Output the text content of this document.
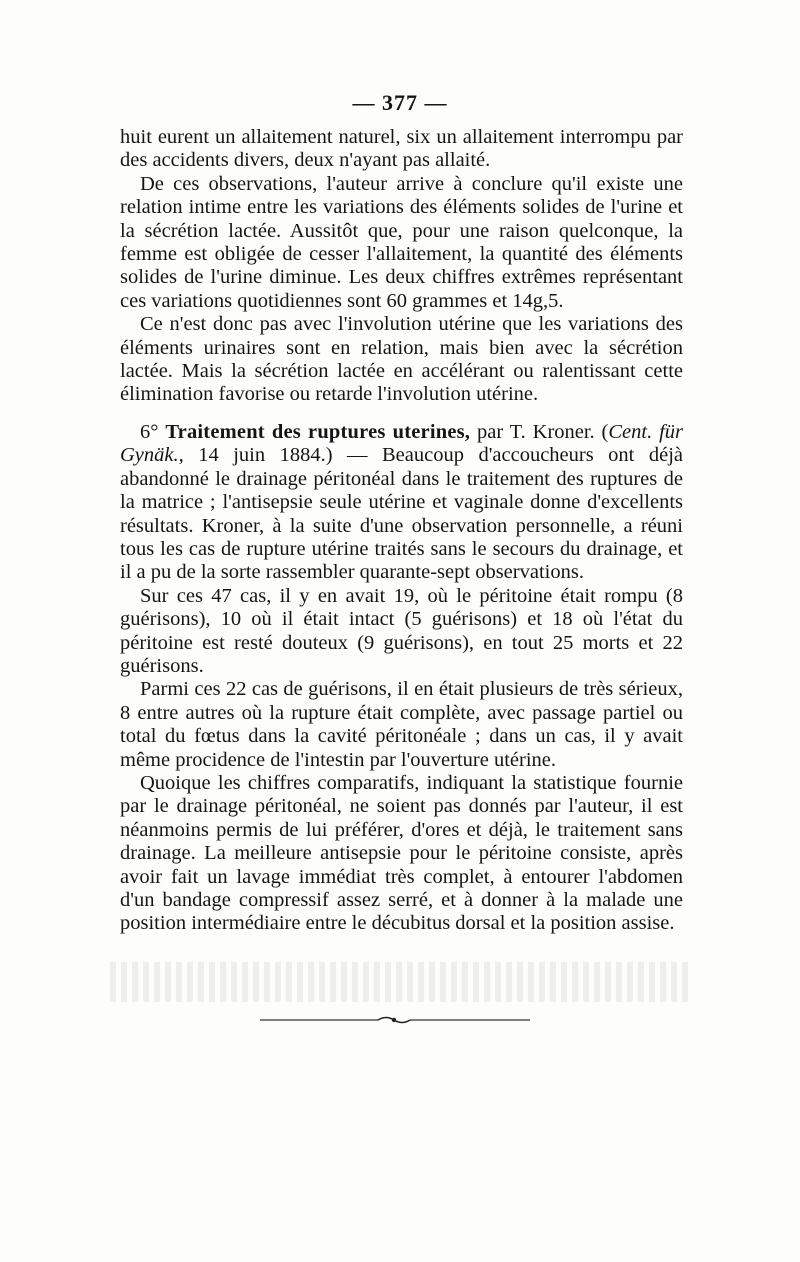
— 377 —

huit eurent un allaitement naturel, six un allaitement interrompu par des accidents divers, deux n'ayant pas allaité.

De ces observations, l'auteur arrive à conclure qu'il existe une relation intime entre les variations des éléments solides de l'urine et la sécrétion lactée. Aussitôt que, pour une raison quelconque, la femme est obligée de cesser l'allaitement, la quantité des éléments solides de l'urine diminue. Les deux chiffres extrêmes représentant ces variations quotidiennes sont 60 grammes et 14g,5.

Ce n'est donc pas avec l'involution utérine que les variations des éléments urinaires sont en relation, mais bien avec la sécrétion lactée. Mais la sécrétion lactée en accélérant ou ralentissant cette élimination favorise ou retarde l'involution utérine.

6° Traitement des ruptures uterines, par T. Kroner. (Cent. für Gynäk., 14 juin 1884.) — Beaucoup d'accoucheurs ont déjà abandonné le drainage péritonéal dans le traitement des ruptures de la matrice ; l'antisepsie seule utérine et vaginale donne d'excellents résultats. Kroner, à la suite d'une observation personnelle, a réuni tous les cas de rupture utérine traités sans le secours du drainage, et il a pu de la sorte rassembler quarante-sept observations.

Sur ces 47 cas, il y en avait 19, où le péritoine était rompu (8 guérisons), 10 où il était intact (5 guérisons) et 18 où l'état du péritoine est resté douteux (9 guérisons), en tout 25 morts et 22 guérisons.

Parmi ces 22 cas de guérisons, il en était plusieurs de très sérieux, 8 entre autres où la rupture était complète, avec passage partiel ou total du fœtus dans la cavité péritonéale ; dans un cas, il y avait même procidence de l'intestin par l'ouverture utérine.

Quoique les chiffres comparatifs, indiquant la statistique fournie par le drainage péritonéal, ne soient pas donnés par l'auteur, il est néanmoins permis de lui préférer, d'ores et déjà, le traitement sans drainage. La meilleure antisepsie pour le péritoine consiste, après avoir fait un lavage immédiat très complet, à entourer l'abdomen d'un bandage compressif assez serré, et à donner à la malade une position intermédiaire entre le décubitus dorsal et la position assise.
